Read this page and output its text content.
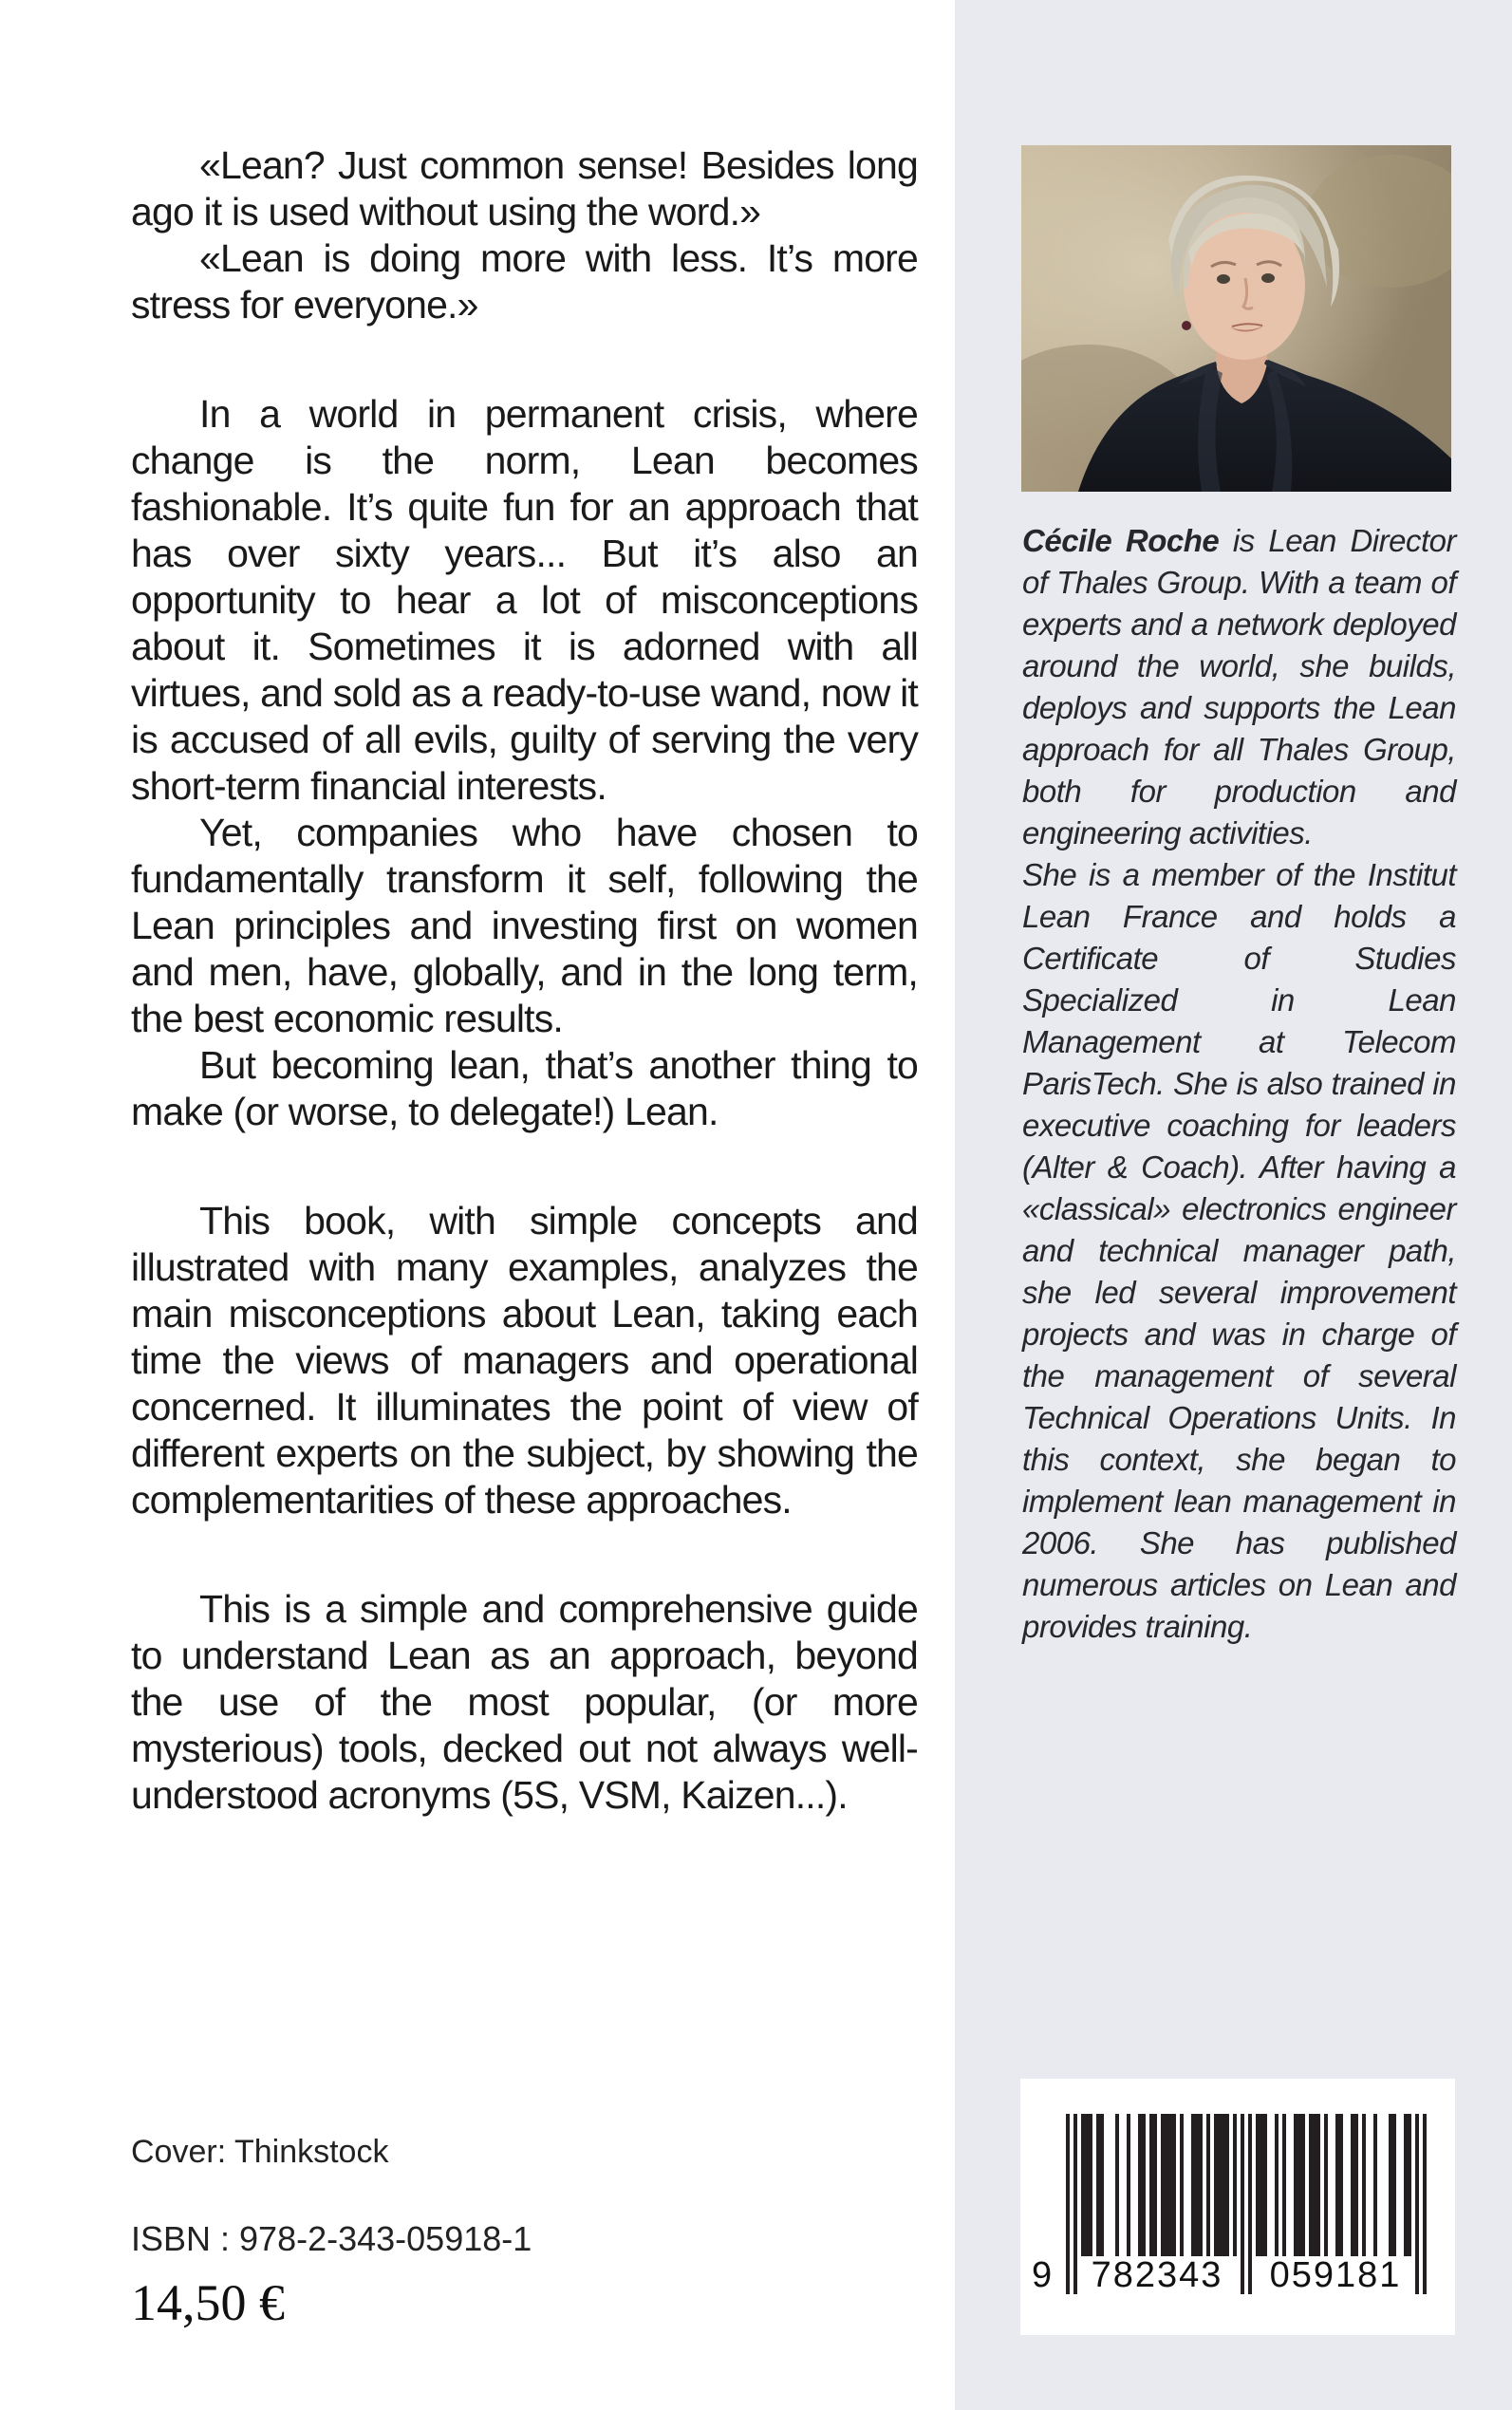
«Lean? Just common sense! Besides long ago it is used without using the word.»

«Lean is doing more with less. It’s more stress for everyone.»

In a world in permanent crisis, where change is the norm, Lean becomes fashionable. It’s quite fun for an approach that has over sixty years... But it’s also an opportunity to hear a lot of misconceptions about it. Sometimes it is adorned with all virtues, and sold as a ready-to-use wand, now it is accused of all evils, guilty of serving the very short-term financial interests.

Yet, companies who have chosen to fundamentally transform it self, following the Lean principles and investing first on women and men, have, globally, and in the long term, the best economic results.

But becoming lean, that’s another thing to make (or worse, to delegate!) Lean.

This book, with simple concepts and illustrated with many examples, analyzes the main misconceptions about Lean, taking each time the views of managers and operational concerned. It illuminates the point of view of different experts on the subject, by showing the complementarities of these approaches.

This is a simple and comprehensive guide to understand Lean as an approach, beyond the use of the most popular, (or more mysterious) tools, decked out not always well-understood acronyms (5S, VSM, Kaizen...).

Cover: Thinkstock
ISBN : 978-2-343-05918-1
14,50 €

Cécile Roche is Lean Director of Thales Group. With a team of experts and a network deployed around the world, she builds, deploys and supports the Lean approach for all Thales Group, both for production and engineering activities.

She is a member of the Institut Lean France and holds a Certificate of Studies Specialized in Lean Management at Telecom ParisTech. She is also trained in executive coaching for leaders (Alter & Coach). After having a «classical» electronics engineer and technical manager path, she led several improvement projects and was in charge of the management of several Technical Operations Units. In this context, she began to implement lean management in 2006. She has published numerous articles on Lean and provides training.

9	782343	059181
